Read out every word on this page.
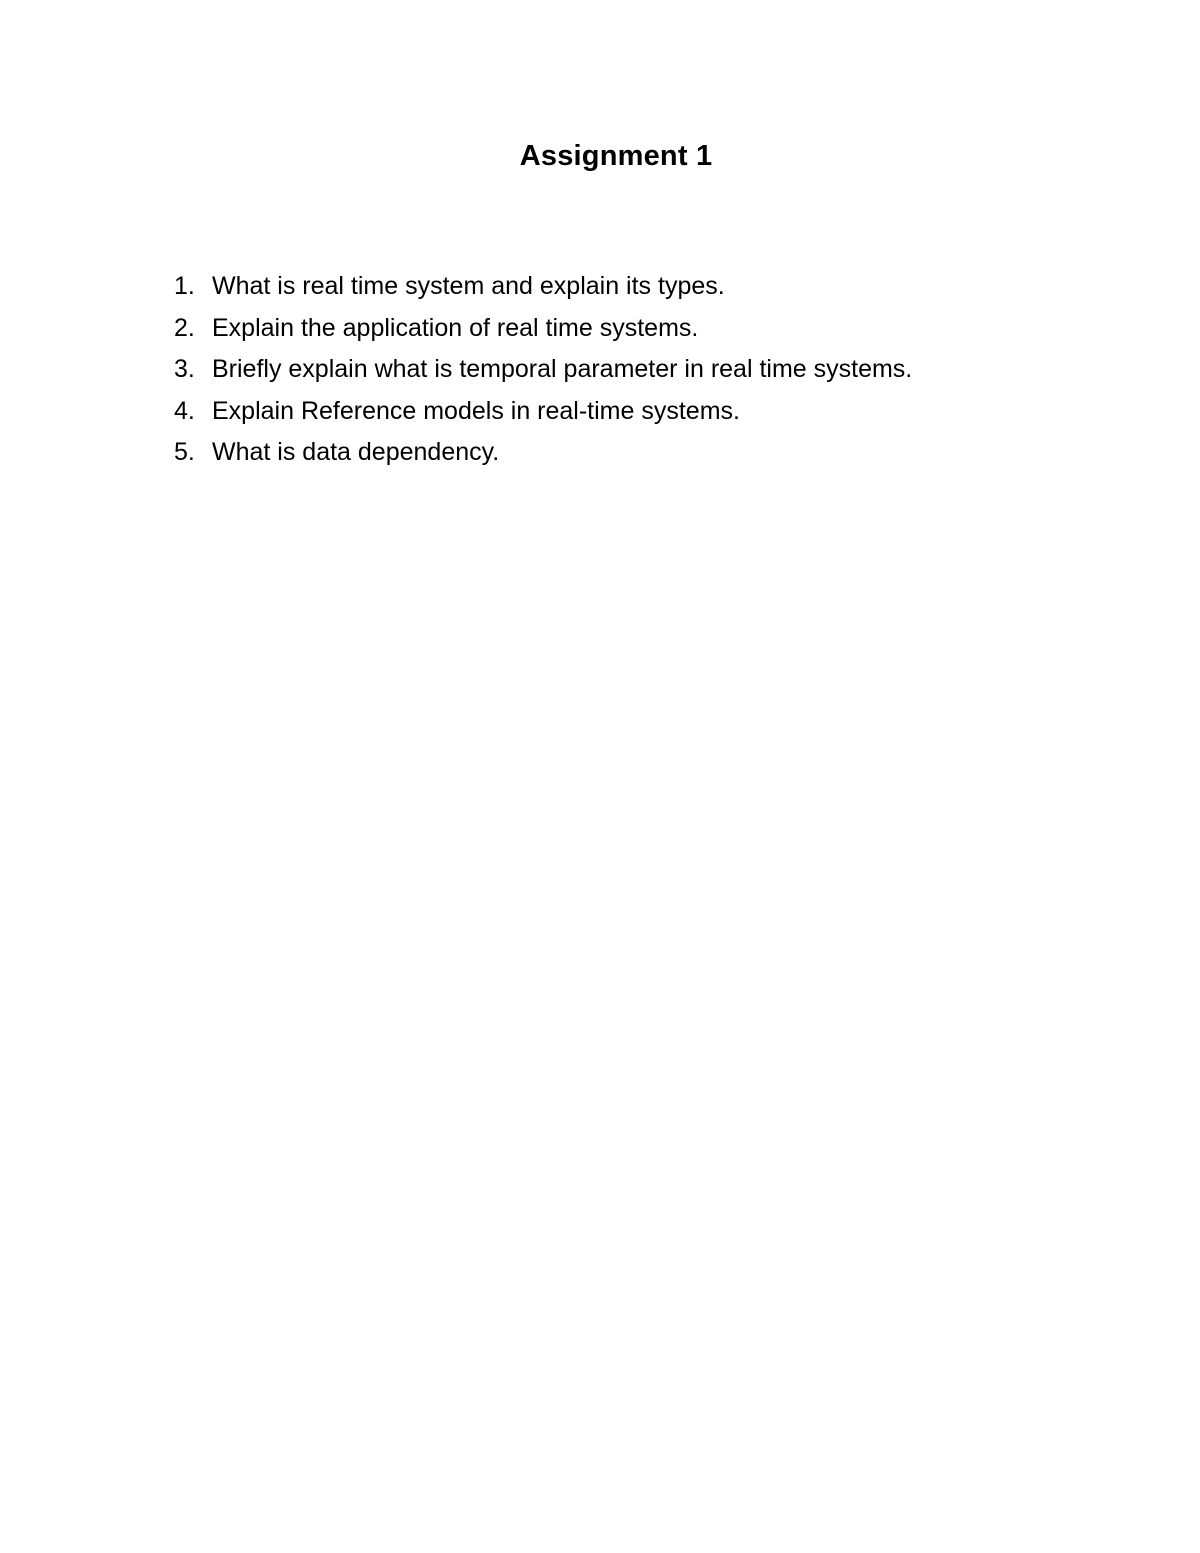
Assignment 1
1. What is real time system and explain its types.
2. Explain the application of real time systems.
3. Briefly explain what is temporal parameter in real time systems.
4. Explain Reference models in real-time systems.
5. What is data dependency.
